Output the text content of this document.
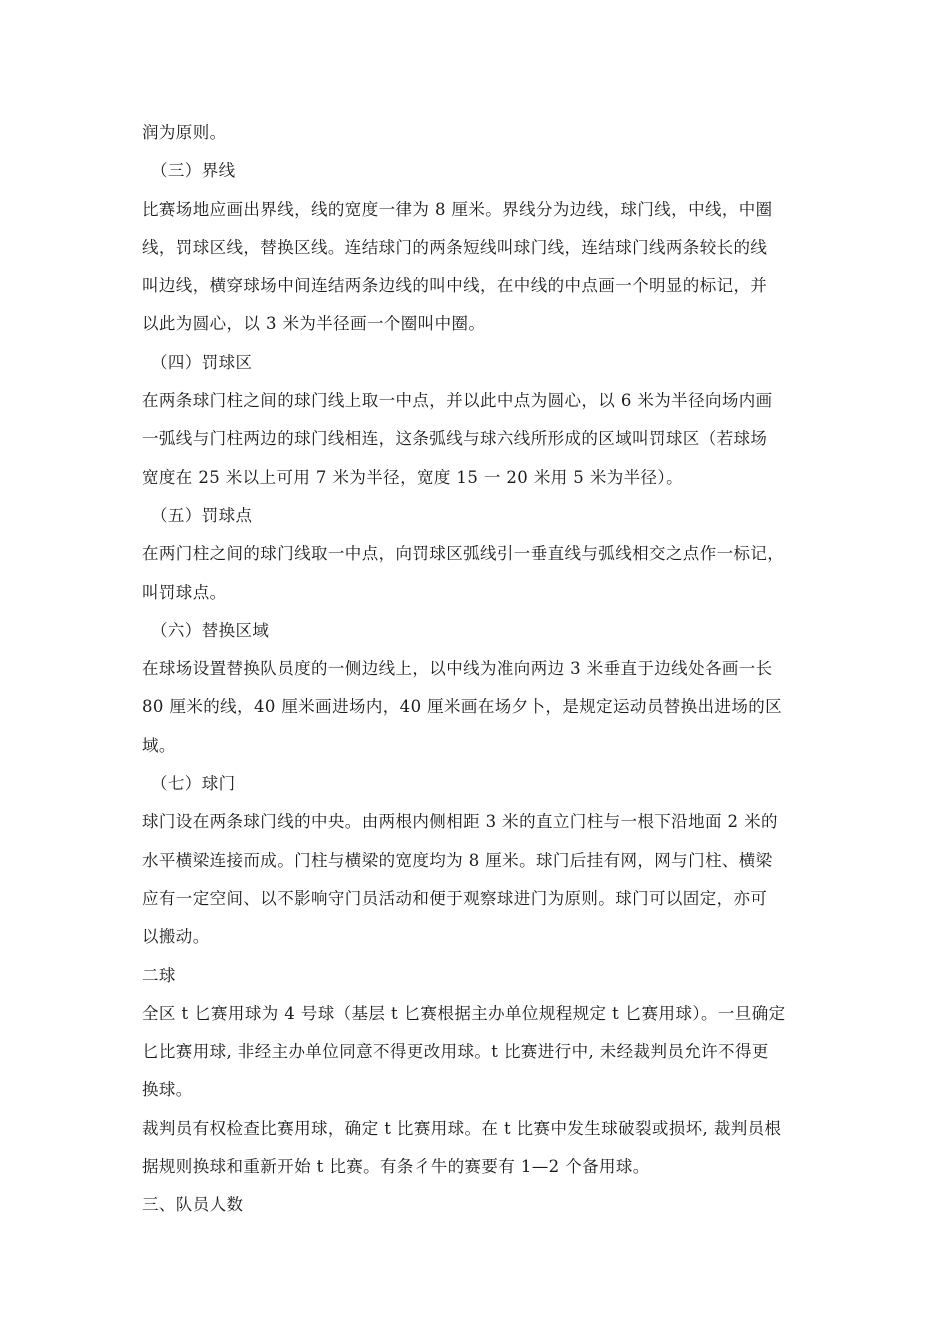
润为原则。
（三）界线
比赛场地应画出界线，线的宽度一律为 8 厘米。界线分为边线，球门线，中线，中圈
线，罚球区线，替换区线。连结球门的两条短线叫球门线，连结球门线两条较长的线
叫边线，横穿球场中间连结两条边线的叫中线，在中线的中点画一个明显的标记，并
以此为圆心，以 3 米为半径画一个圈叫中圈。
（四）罚球区
在两条球门柱之间的球门线上取一中点，并以此中点为圆心，以 6 米为半径向场内画
一弧线与门柱两边的球门线相连，这条弧线与球六线所形成的区域叫罚球区（若球场
宽度在 25 米以上可用 7 米为半径，宽度 15 一 20 米用 5 米为半径）。
（五）罚球点
在两门柱之间的球门线取一中点，向罚球区弧线引一垂直线与弧线相交之点作一标记，
叫罚球点。
（六）替换区域
在球场设置替换队员度的一侧边线上，以中线为准向两边 3 米垂直于边线处各画一长
80 厘米的线，40 厘米画进场内，40 厘米画在场夕卜，是规定运动员替换出进场的区
域。
（七）球门
球门设在两条球门线的中央。由两根内侧相距 3 米的直立门柱与一根下沿地面 2 米的
水平横梁连接而成。门柱与横梁的宽度均为 8 厘米。球门后挂有网，网与门柱、横梁
应有一定空间、以不影响守门员活动和便于观察球进门为原则。球门可以固定，亦可
以搬动。
二球
全区 t 匕赛用球为 4 号球（基层 t 匕赛根据主办单位规程规定 t 匕赛用球）。一旦确定
匕比赛用球, 非经主办单位同意不得更改用球。t 比赛进行中, 未经裁判员允许不得更
换球。
裁判员有权检查比赛用球，确定 t 比赛用球。在 t 比赛中发生球破裂或损坏, 裁判员根
据规则换球和重新开始 t 比赛。有条彳牛的赛要有 1—2 个备用球。
三、队员人数
